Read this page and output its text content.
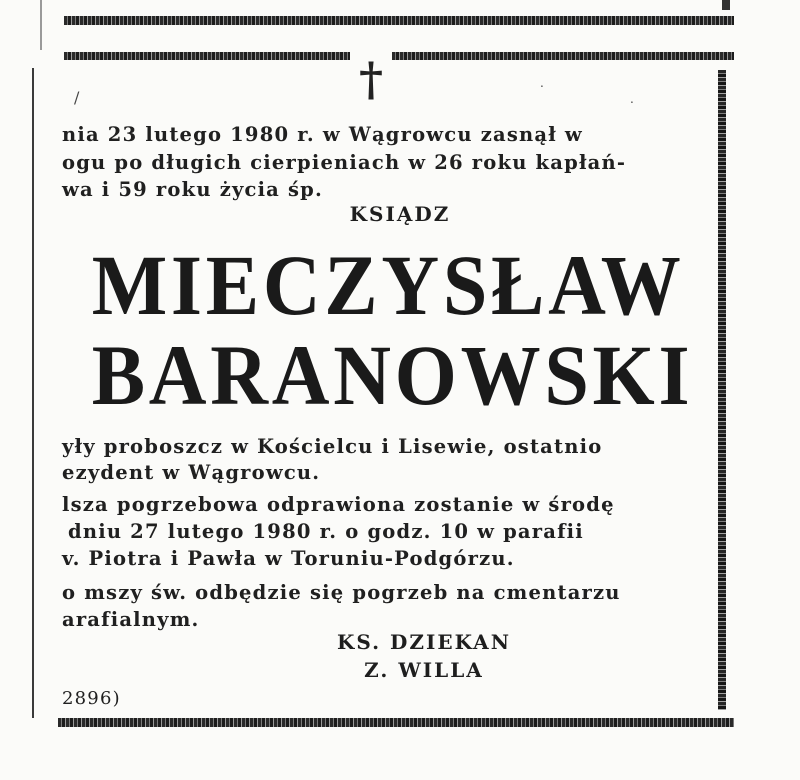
†
/
.
.
nia 23 lutego 1980 r. w Wągrowcu zasnął w
ogu po długich cierpieniach w 26 roku kapłań-
wa i 59 roku życia śp.
KSIĄDZ
MIECZYSŁAW
BARANOWSKI
yły proboszcz w Kościelcu i Lisewie, ostatnio
ezydent w Wągrowcu.
lsza pogrzebowa odprawiona zostanie w środę
dniu 27 lutego 1980 r. o godz. 10 w parafii
v. Piotra i Pawła w Toruniu-Podgórzu.
o mszy św. odbędzie się pogrzeb na cmentarzu
arafialnym.
KS. DZIEKAN
Z. WILLA
2896)
